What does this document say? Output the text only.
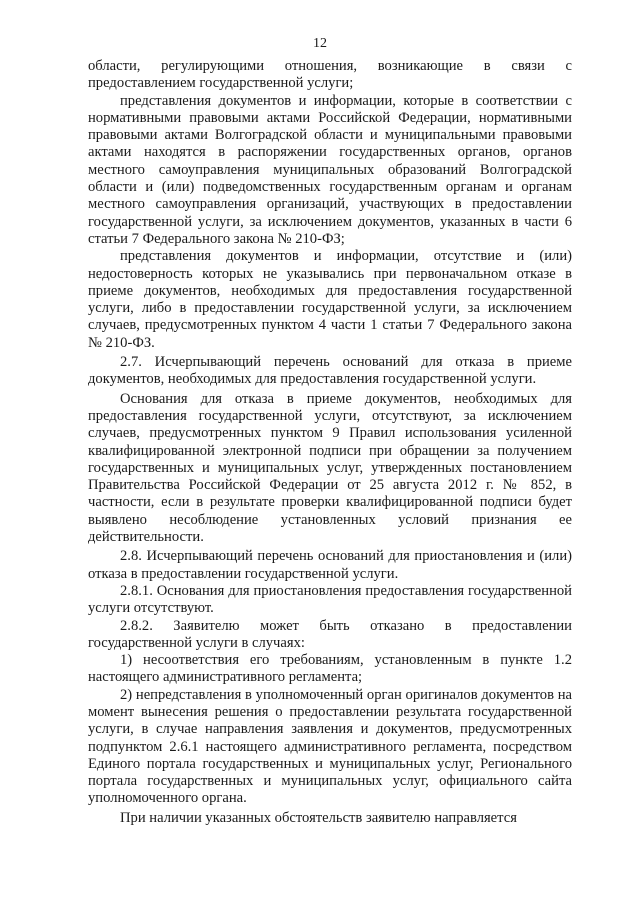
12

области, регулирующими отношения, возникающие в связи с предоставлением государственной услуги;

представления документов и информации, которые в соответствии с нормативными правовыми актами Российской Федерации, нормативными правовыми актами Волгоградской области и муниципальными правовыми актами находятся в распоряжении государственных органов, органов местного самоуправления муниципальных образований Волгоградской области и (или) подведомственных государственным органам и органам местного самоуправления организаций, участвующих в предоставлении государственной услуги, за исключением документов, указанных в части 6 статьи 7 Федерального закона № 210-ФЗ;

представления документов и информации, отсутствие и (или) недостоверность которых не указывались при первоначальном отказе в приеме документов, необходимых для предоставления государственной услуги, либо в предоставлении государственной услуги, за исключением случаев, предусмотренных пунктом 4 части 1 статьи 7 Федерального закона № 210-ФЗ.

2.7. Исчерпывающий перечень оснований для отказа в приеме документов, необходимых для предоставления государственной услуги.

Основания для отказа в приеме документов, необходимых для предоставления государственной услуги, отсутствуют, за исключением случаев, предусмотренных пунктом 9 Правил использования усиленной квалифицированной электронной подписи при обращении за получением государственных и муниципальных услуг, утвержденных постановлением Правительства Российской Федерации от 25 августа 2012 г. № 852, в частности, если в результате проверки квалифицированной подписи будет выявлено несоблюдение установленных условий признания ее действительности.

2.8. Исчерпывающий перечень оснований для приостановления и (или) отказа в предоставлении государственной услуги.

2.8.1. Основания для приостановления предоставления государственной услуги отсутствуют.

2.8.2. Заявителю может быть отказано в предоставлении государственной услуги в случаях:

1) несоответствия его требованиям, установленным в пункте 1.2 настоящего административного регламента;

2) непредставления в уполномоченный орган оригиналов документов на момент вынесения решения о предоставлении результата государственной услуги, в случае направления заявления и документов, предусмотренных подпунктом 2.6.1 настоящего административного регламента, посредством Единого портала государственных и муниципальных услуг, Регионального портала государственных и муниципальных услуг, официального сайта уполномоченного органа.

При наличии указанных обстоятельств заявителю направляется
